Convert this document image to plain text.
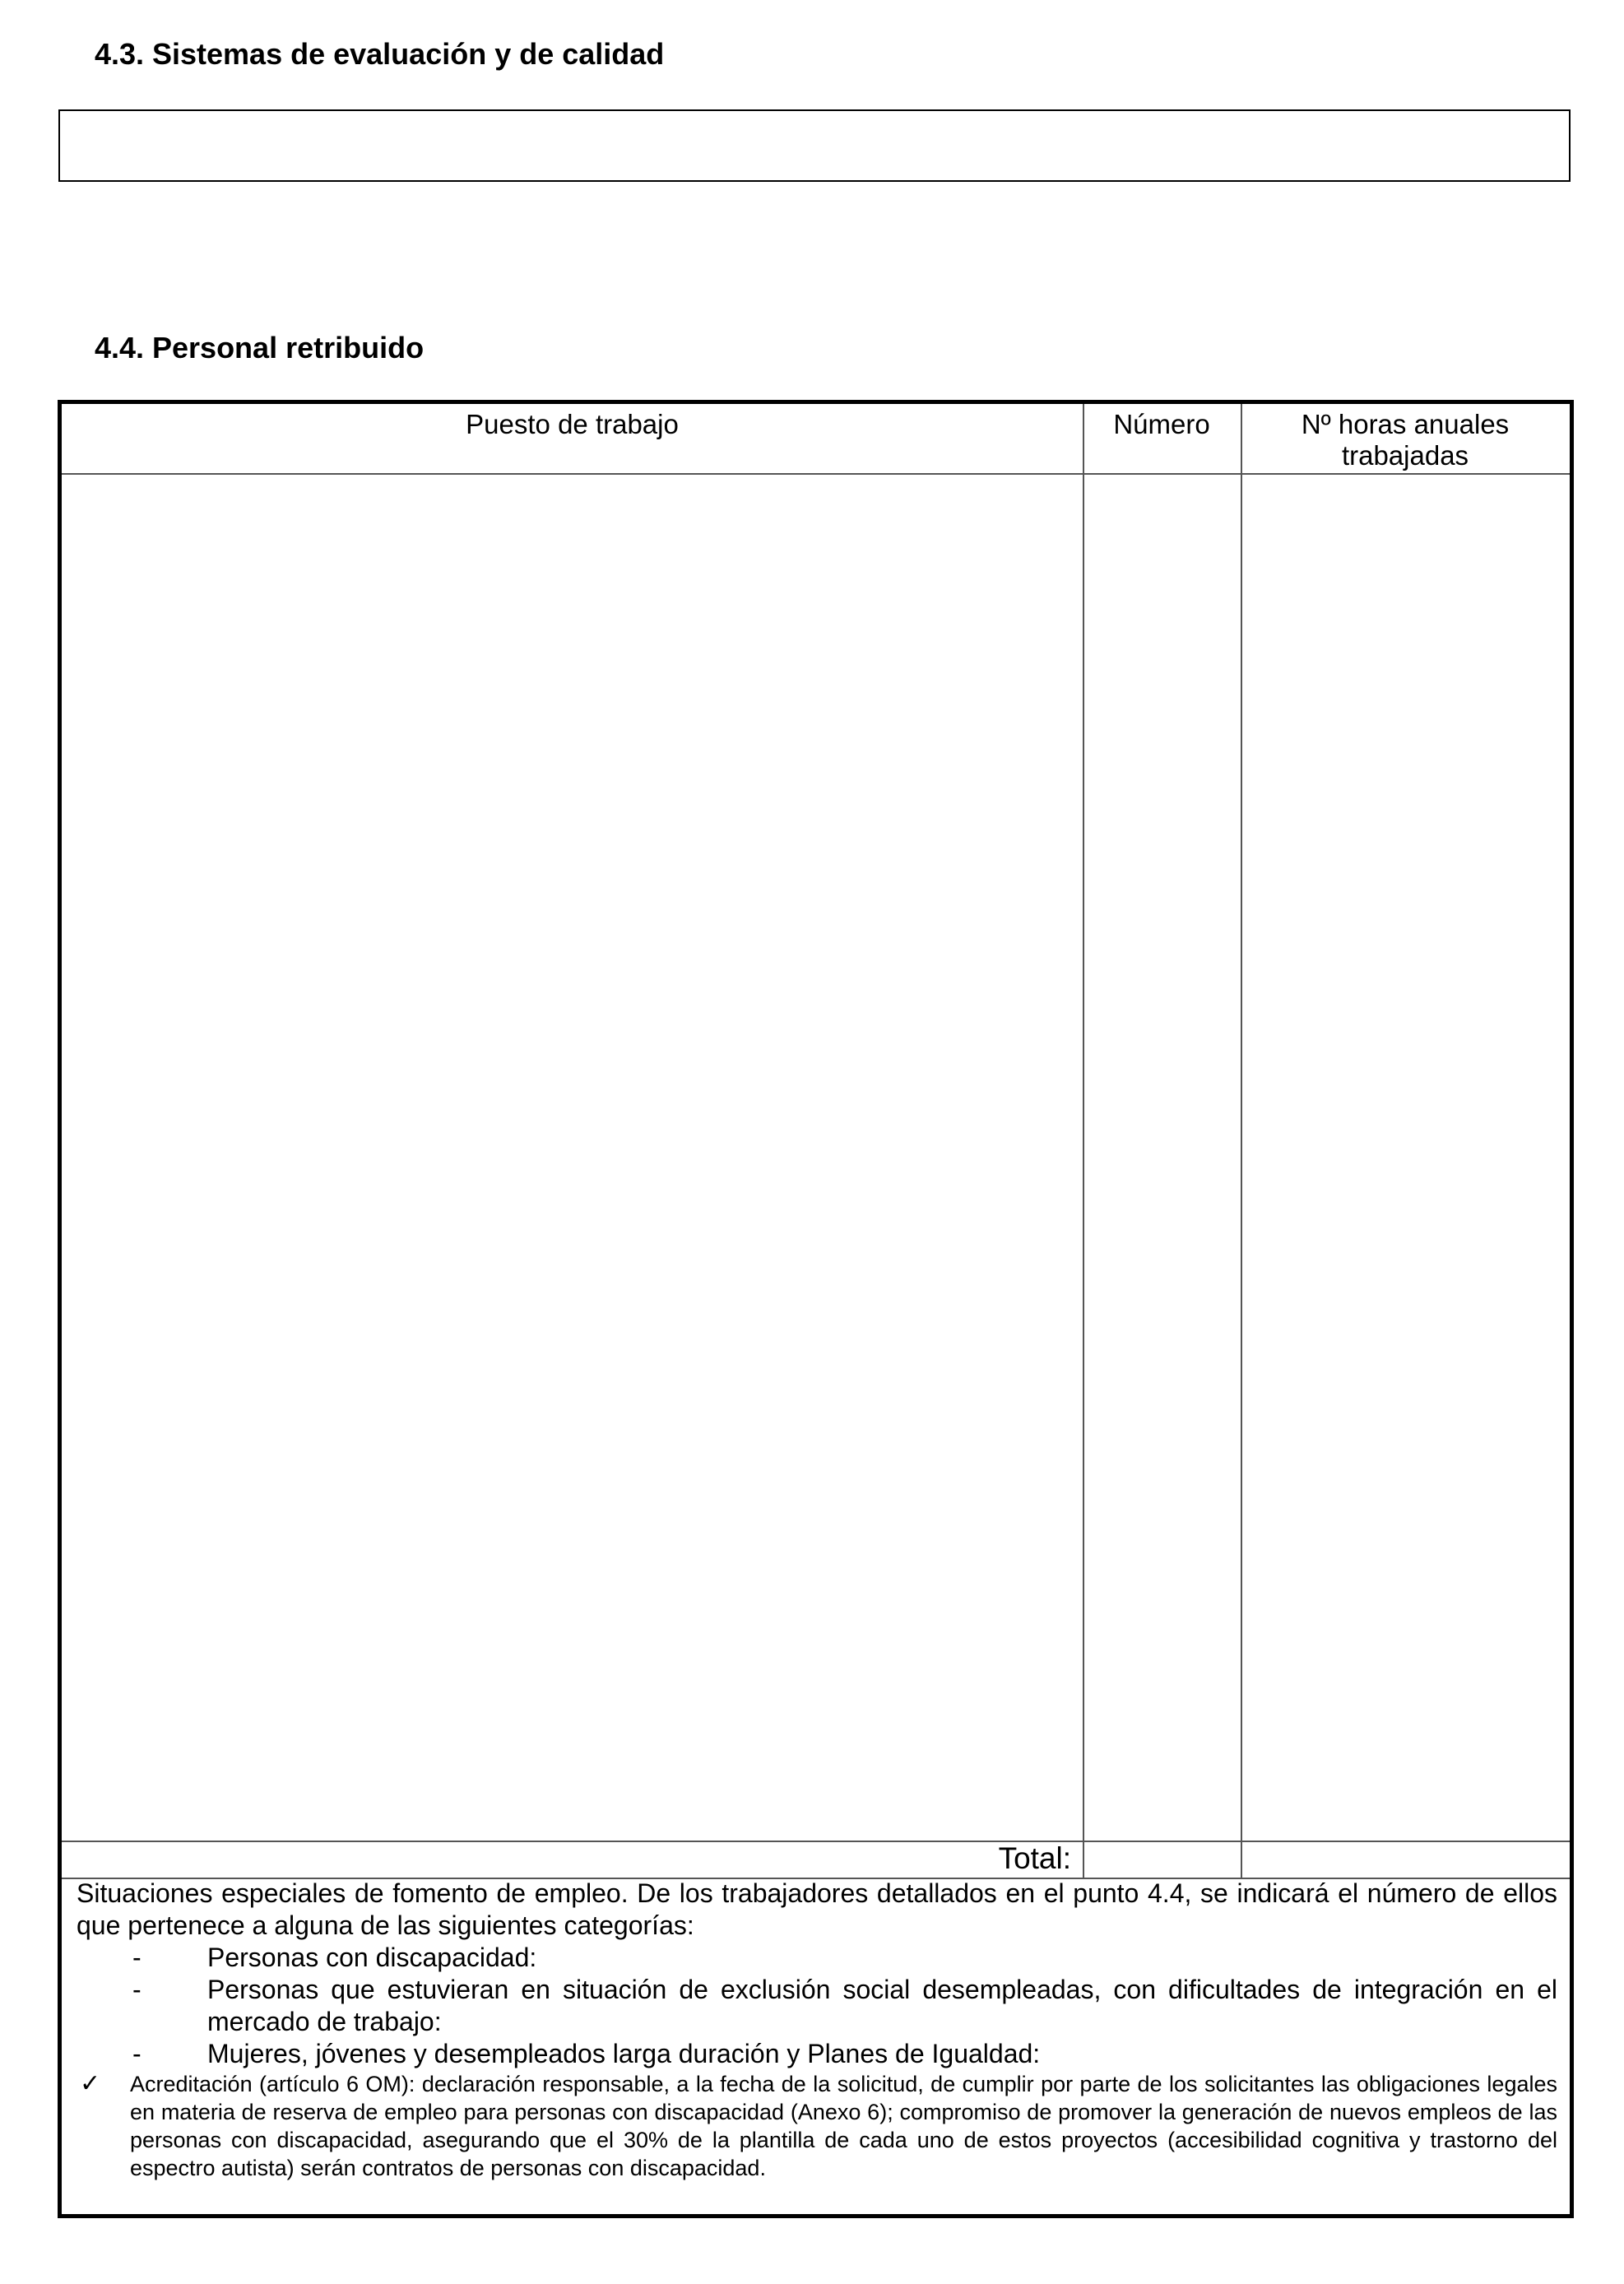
4.3. Sistemas de evaluación y de calidad
4.4. Personal retribuido
Puesto de trabajo	Número	Nº horas anuales trabajadas
Total:
Situaciones especiales de fomento de empleo. De los trabajadores detallados en el punto 4.4, se indicará el número de ellos que pertenece a alguna de las siguientes categorías:
-	Personas con discapacidad:
-	Personas que estuvieran en situación de exclusión social desempleadas, con dificultades de integración en el mercado de trabajo:
-	Mujeres, jóvenes y desempleados larga duración y Planes de Igualdad:
✓ Acreditación (artículo 6 OM): declaración responsable, a la fecha de la solicitud, de cumplir por parte de los solicitantes las obligaciones legales en materia de reserva de empleo para personas con discapacidad (Anexo 6); compromiso de promover la generación de nuevos empleos de las personas con discapacidad, asegurando que el 30% de la plantilla de cada uno de estos proyectos (accesibilidad cognitiva y trastorno del espectro autista) serán contratos de personas con discapacidad.
